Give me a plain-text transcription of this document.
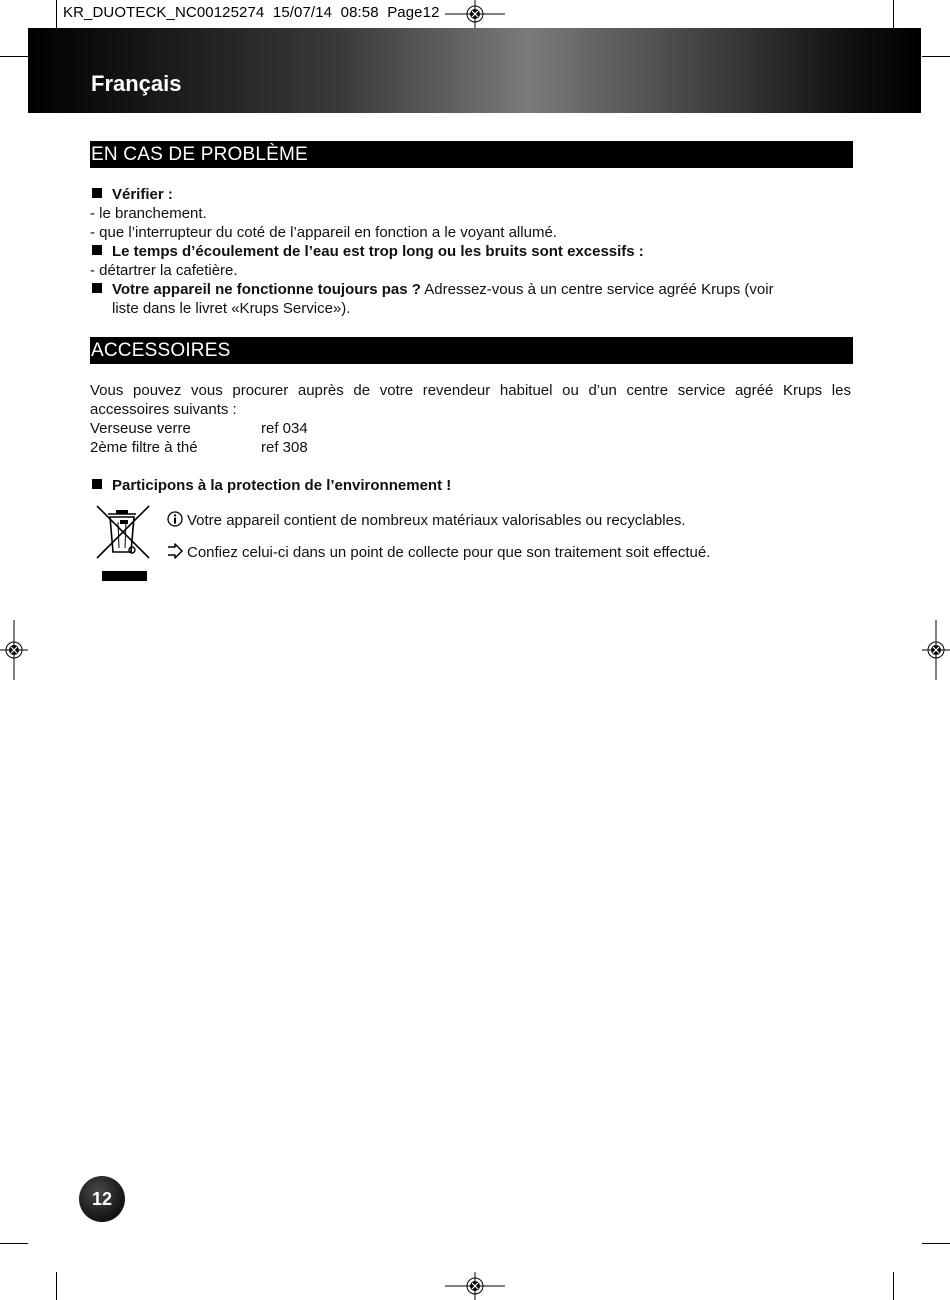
KR_DUOTECK_NC00125274  15/07/14  08:58  Page12
Français
EN CAS DE PROBLÈME
Vérifier :
- le branchement.
- que l’interrupteur du coté de l’appareil en fonction a le voyant allumé.
Le temps d’écoulement de l’eau est trop long ou les bruits sont excessifs :
- détartrer la cafetière.
Votre appareil ne fonctionne toujours pas ? Adressez-vous à un centre service agréé Krups (voir
liste dans le livret «Krups Service»).
ACCESSOIRES
Vous pouvez vous procurer auprès de votre revendeur habituel ou d’un centre service agréé Krups les accessoires suivants :
Verseuse verre	ref 034
2ème filtre à thé	ref 308
Participons à la protection de l’environnement !
Votre appareil contient de nombreux matériaux valorisables ou recyclables.
Confiez celui-ci dans un point de collecte pour que son traitement soit effectué.
12
